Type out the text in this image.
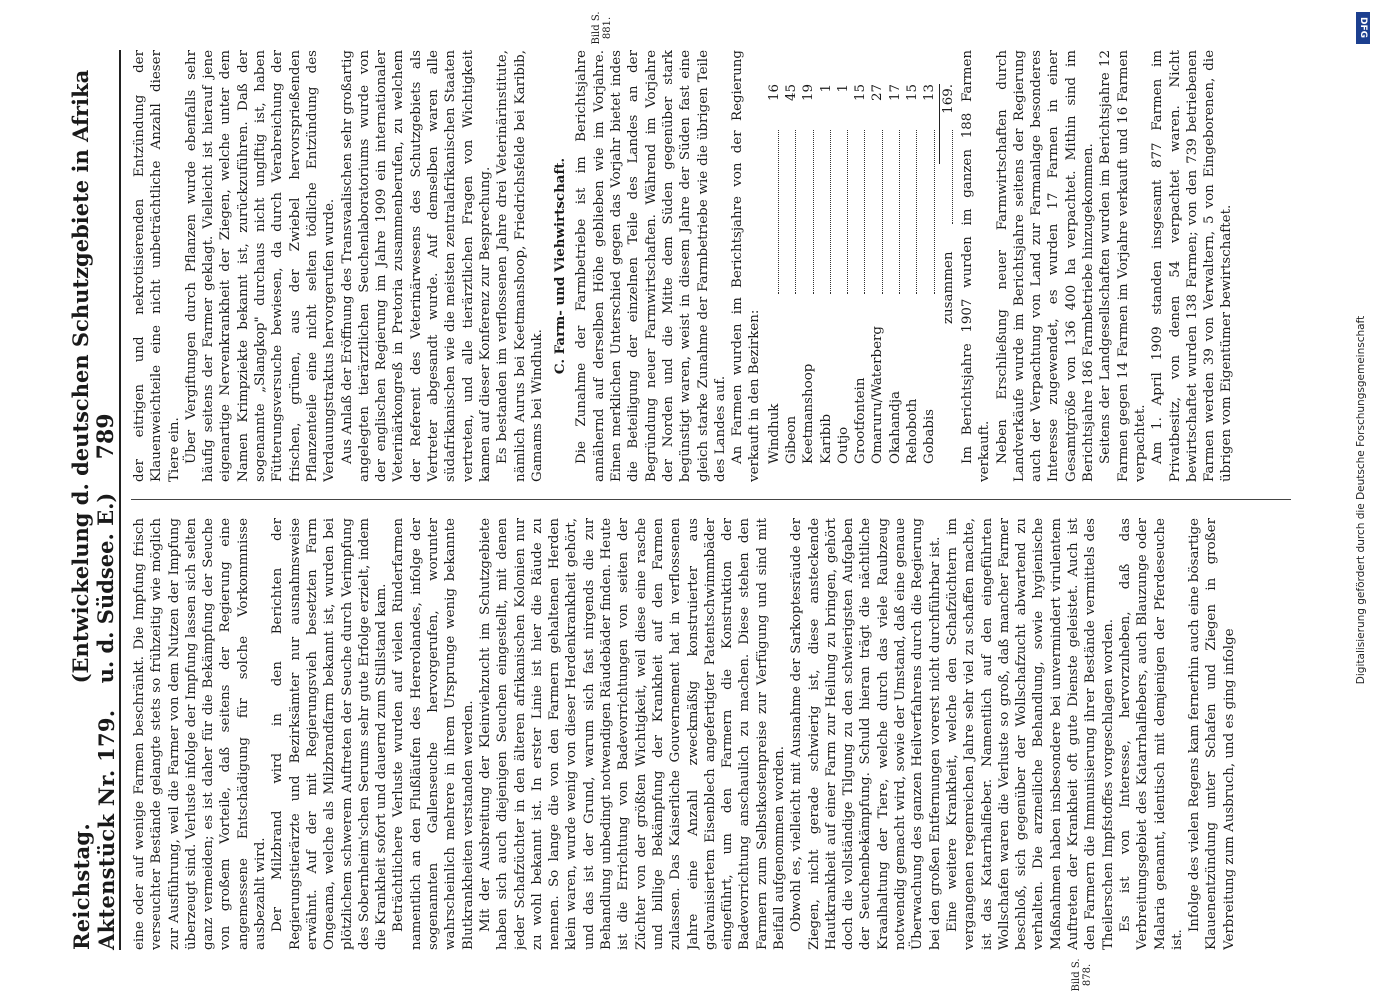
Reichstag. Aktenstück Nr. 179.
(Entwickelung d. deutschen Schutzgebiete in Afrika u. d. Südsee. E.) 789
Bild S. 878.
Bild S. 881.

eine oder auf wenige Farmen beschränkt. Die Impfung frisch verseuchter Bestände gelangte stets so frühzeitig wie möglich zur Ausführung, weil die Farmer von dem Nutzen der Impfung überzeugt sind. Verluste infolge der Impfung lassen sich selten ganz vermeiden; es ist daher für die Bekämpfung der Seuche von großem Vorteile, daß seitens der Regierung eine angemessene Entschädigung für solche Vorkommnisse ausbezahlt wird. Der Milzbrand wird in den Berichten der Regierungstierärzte und Bezirksämter nur ausnahmsweise erwähnt. Auf der mit Regierungsvieh besetzten Farm Ongeama, welche als Milzbrandfarm bekannt ist, wurden bei plötzlichem schwerem Auftreten der Seuche durch Verimpfung des Sobernheim'schen Serums sehr gute Erfolge erzielt, indem die Krankheit sofort und dauernd zum Stillstand kam. Beträchtlichere Verluste wurden auf vielen Rinderfarmen namentlich an den Flußläufen des Hererolandes, infolge der sogenannten Gallenseuche hervorgerufen, worunter wahrscheinlich mehrere in ihrem Ursprunge wenig bekannte Blutkrankheiten verstanden werden. Mit der Ausbreitung der Kleinviehzucht im Schutzgebiete haben sich auch diejenigen Seuchen eingestellt, mit denen jeder Schafzüchter in den älteren afrikanischen Kolonien nur zu wohl bekannt ist. In erster Linie ist hier die Räude zu nennen. So lange die von den Farmern gehaltenen Herden klein waren, wurde wenig von dieser Herdenkrankheit gehört, und das ist der Grund, warum sich fast nirgends die zur Behandlung unbedingt notwendigen Räudebäder finden. Heute ist die Errichtung von Badevorrichtungen von seiten der Züchter von der größten Wichtigkeit, weil diese eine rasche und billige Bekämpfung der Krankheit auf den Farmen zulassen. Das Kaiserliche Gouvernement hat in verflossenen Jahre eine Anzahl zweckmäßig konstruierter aus galvanisiertem Eisenblech angefertigter Patentschwimmbäder eingeführt, um den Farmern die Konstruktion der Badevorrichtung anschaulich zu machen. Diese stehen den Farmern zum Selbstkostenpreise zur Verfügung und sind mit Beifall aufgenommen worden. Obwohl es, vielleicht mit Ausnahme der Sarkoptesräude der Ziegen, nicht gerade schwierig ist, diese ansteckende Hautkrankheit auf einer Farm zur Heilung zu bringen, gehört doch die vollständige Tilgung zu den schwierigsten Aufgaben der Seuchenbekämpfung. Schuld hieran trägt die nächtliche Kraalhaltung der Tiere, welche durch das viele Raubzeug notwendig gemacht wird, sowie der Umstand, daß eine genaue Überwachung des ganzen Heilverfahrens durch die Regierung bei den großen Entfernungen vorerst nicht durchführbar ist. Eine weitere Krankheit, welche den Schafzüchtern im vergangenen regenreichen Jahre sehr viel zu schaffen machte, ist das Katarrhalfieber. Namentlich auf den eingeführten Wollschafen waren die Verluste so groß, daß mancher Farmer beschloß, sich gegenüber der Wollschafzucht abwartend zu verhalten. Die arzneiliche Behandlung, sowie hygienische Maßnahmen haben insbesondere bei unvermindert virulentem Auftreten der Krankheit oft gute Dienste geleistet. Auch ist den Farmern die Immunisierung ihrer Bestände vermittels des Theilerschen Impfstoffes vorgeschlagen worden. Es ist von Interesse, hervorzuheben, daß das Verbreitungsgebiet des Katarrhalfiebers, auch Blauzunge oder Malaria genannt, identisch mit demjenigen der Pferdeseuche ist.

Infolge des vielen Regens kam fernerhin auch eine bösartige Klauenentzündung unter Schafen und Ziegen in großer Verbreitung zum Ausbruch, und es ging infolge

der eitrigen und nekrotisierenden Entzündung der Klauenweichteile eine nicht unbeträchtliche Anzahl dieser Tiere ein. Über Vergiftungen durch Pflanzen wurde ebenfalls sehr häufig seitens der Farmer geklagt. Vielleicht ist hierauf jene eigenartige Nervenkrankheit der Ziegen, welche unter dem Namen Krimpziekte bekannt ist, zurückzuführen. Daß der sogenannte „Slangkop" durchaus nicht unglftig ist, haben Fütterungsversuche bewiesen, da durch Verabreichung der frischen, grünen, aus der Zwiebel hervorsprießenden Pflanzenteile eine nicht selten tödliche Entzündung des Verdauungstraktus hervorgerufen wurde. Aus Anlaß der Eröffnung des Transvaalischen sehr großartig angelegten tierärztlichen Seuchenlaboratoriums wurde von der englischen Regierung im Jahre 1909 ein internationaler Veterinärkongreß in Pretoria zusammenberufen, zu welchem der Referent des Veterinärwesens des Schutzgebiets als Vertreter abgesandt wurde. Auf demselben waren alle südafrikanischen wie die meisten zentralafrikanischen Staaten vertreten, und alle tierärztlichen Fragen von Wichtigkeit kamen auf dieser Konferenz zur Besprechung. Es bestanden im verflossenen Jahre drei Veterinärinstitute, nämlich Aurus bei Keetmanshoop, Friedrichsfelde bei Karibib, Gamams bei Windhuk.

C. Farm- und Viehwirtschaft. Die Zunahme der Farmbetriebe ist im Berichtsjahre annähernd auf derselben Höhe geblieben wie im Vorjahre. Einen merklichen Unterschied gegen das Vorjahr bietet indes die Beteiligung der einzelnen Teile des Landes an der Begründung neuer Farmwirtschaften. Während im Vorjahre der Norden und die Mitte dem Süden gegenüber stark begünstigt waren, weist in diesem Jahre der Süden fast eine gleich starke Zunahme der Farmbetriebe wie die übrigen Teile des Landes auf. An Farmen wurden im Berichtsjahre von der Regierung verkauft in den Bezirken: Windhuk
16
Gibeon
45
Keetmanshoop
19
Karibib
1
Outjo
1
Grootfontein
15
Omaruru/Waterberg
27
Okahandja
17
Rehoboth
15
Gobabis
13
zusammen
169. Im Berichtsjahre 1907 wurden im ganzen 188 Farmen verkauft. Neben Erschließung neuer Farmwirtschaften durch Landverkäufe wurde im Berichtsjahre seitens der Regierung auch der Verpachtung von Land zur Farmanlage besonderes Interesse zugewendet, es wurden 17 Farmen in einer Gesamtgröße von 136 400 ha verpachtet. Mithin sind im Berichtsjahre 186 Farmbetriebe hinzugekommen. Seitens der Landgesellschaften wurden im Berichtsjahre 12 Farmen gegen 14 Farmen im Vorjahre verkauft und 16 Farmen verpachtet. Am 1. April 1909 standen insgesamt 877 Farmen im Privatbesitz, von denen 54 verpachtet waren. Nicht bewirtschaftet wurden 138 Farmen; von den 739 betriebenen Farmen werden 39 von Verwaltern, 5 von Eingeborenen, die übrigen vom Eigentümer bewirtschaftet.

DFG
Digitalisierung gefördert durch die Deutsche Forschungsgemeinschaft
